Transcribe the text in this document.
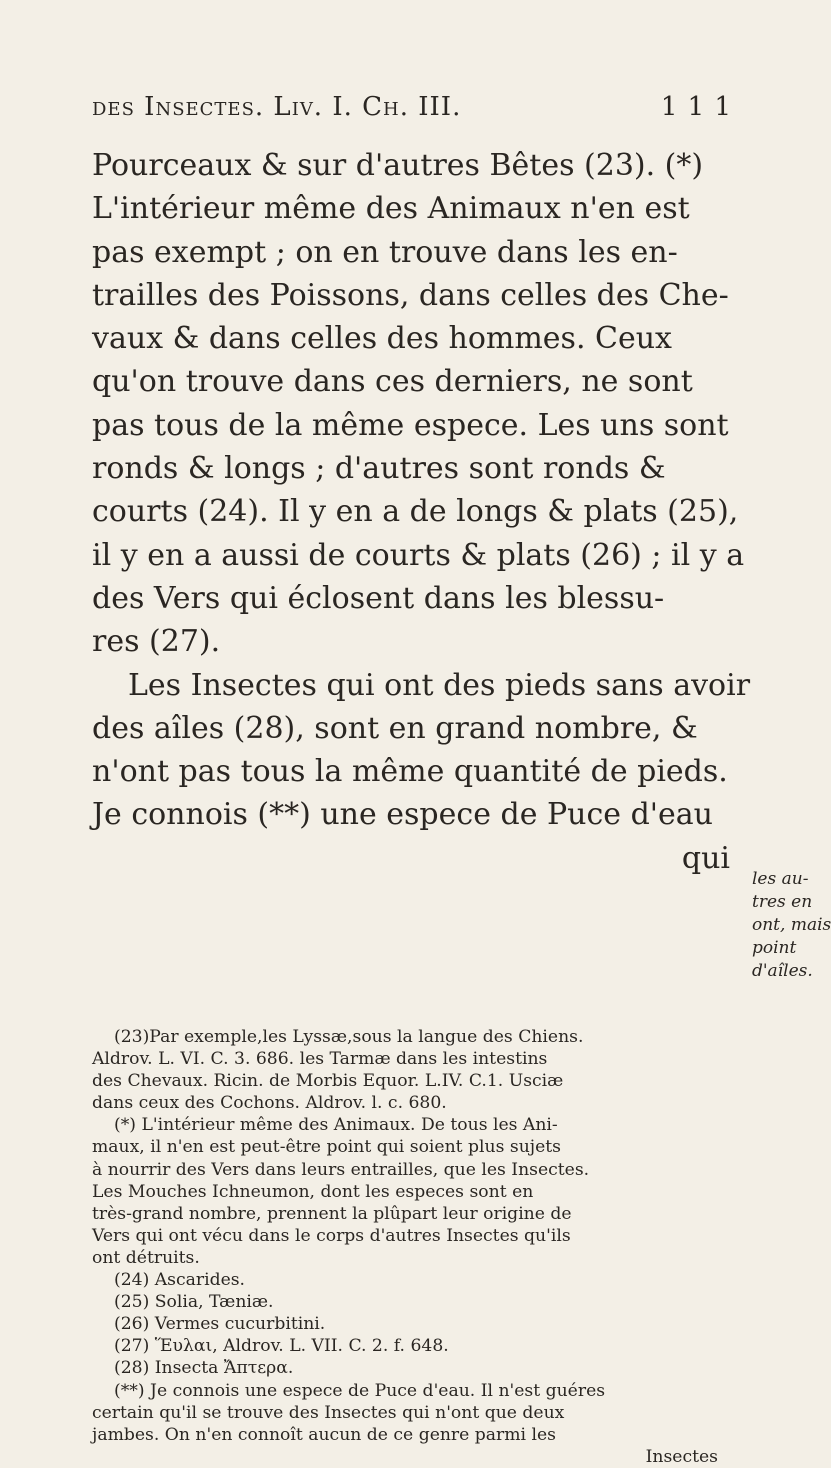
des Insectes. Liv. I. Ch. III.	1 1 1
Pourceaux & sur d'autres Bêtes (23). (*)
L'intérieur même des Animaux n'en est
pas exempt ; on en trouve dans les en-
trailles des Poissons, dans celles des Che-
vaux & dans celles des hommes. Ceux
qu'on trouve dans ces derniers, ne sont
pas tous de la même espece. Les uns sont
ronds & longs ; d'autres sont ronds &
courts (24). Il y en a de longs & plats (25),
il y en a aussi de courts & plats (26) ; il y a
des Vers qui éclosent dans les blessu-
res (27).
Les Insectes qui ont des pieds sans avoir
des aîles (28), sont en grand nombre, &
n'ont pas tous la même quantité de pieds.
Je connois (**) une espece de Puce d'eau
qui
les au-
tres en
ont, mais
point
d'aîles.
(23)Par exemple,les Lyssæ,sous la langue des Chiens.
Aldrov. L. VI. C. 3. 686. les Tarmæ dans les intestins
des Chevaux. Ricin. de Morbis Equor. L.IV. C.1. Usciæ
dans ceux des Cochons. Aldrov. l. c. 680.
(*) L'intérieur même des Animaux. De tous les Ani-
maux, il n'en est peut-être point qui soient plus sujets
à nourrir des Vers dans leurs entrailles, que les Insectes.
Les Mouches Ichneumon, dont les especes sont en
très-grand nombre, prennent la plûpart leur origine de
Vers qui ont vécu dans le corps d'autres Insectes qu'ils
ont détruits.
(24) Ascarides.
(25) Solia, Tæniæ.
(26) Vermes cucurbitini.
(27) Ἕυλαι, Aldrov. L. VII. C. 2. f. 648.
(28) Insecta Ἄπτερα.
(**) Je connois une espece de Puce d'eau. Il n'est guéres
certain qu'il se trouve des Insectes qui n'ont que deux
jambes. On n'en connoît aucun de ce genre parmi les
Insectes
